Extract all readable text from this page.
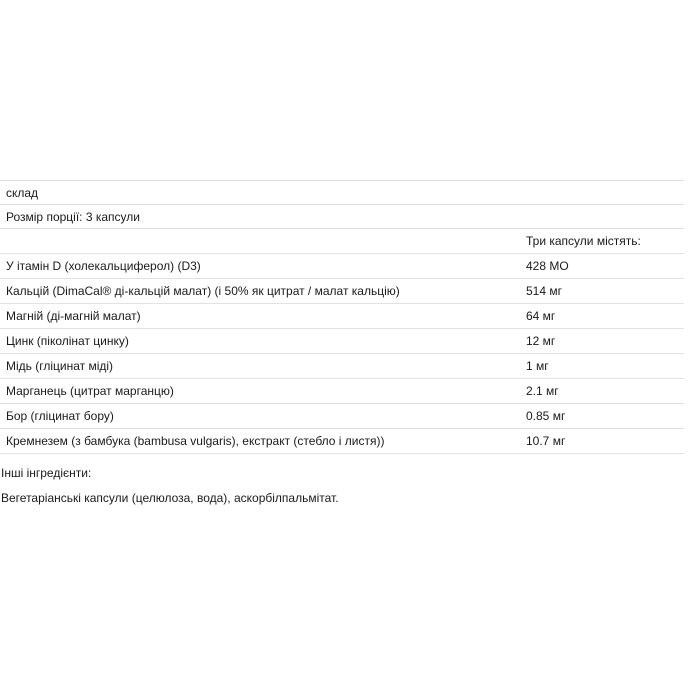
склад
Розмір порції: 3 капсули
Три капсули містять:
У ітамін D (холекальциферол) (D3)	428 МО
Кальцій (DimaCal® ді-кальцій малат) (і 50% як цитрат / малат кальцію)	514 мг
Магній (ді-магній малат)	64 мг
Цинк (піколінат цинку)	12 мг
Мідь (гліцинат міді)	1 мг
Марганець (цитрат марганцю)	2.1 мг
Бор (гліцинат бору)	0.85 мг
Кремнезем (з бамбука (bambusa vulgaris), екстракт (стебло і листя))	10.7 мг
Інші інгредієнти:
Вегетаріанські капсули (целюлоза, вода), аскорбілпальмітат.
